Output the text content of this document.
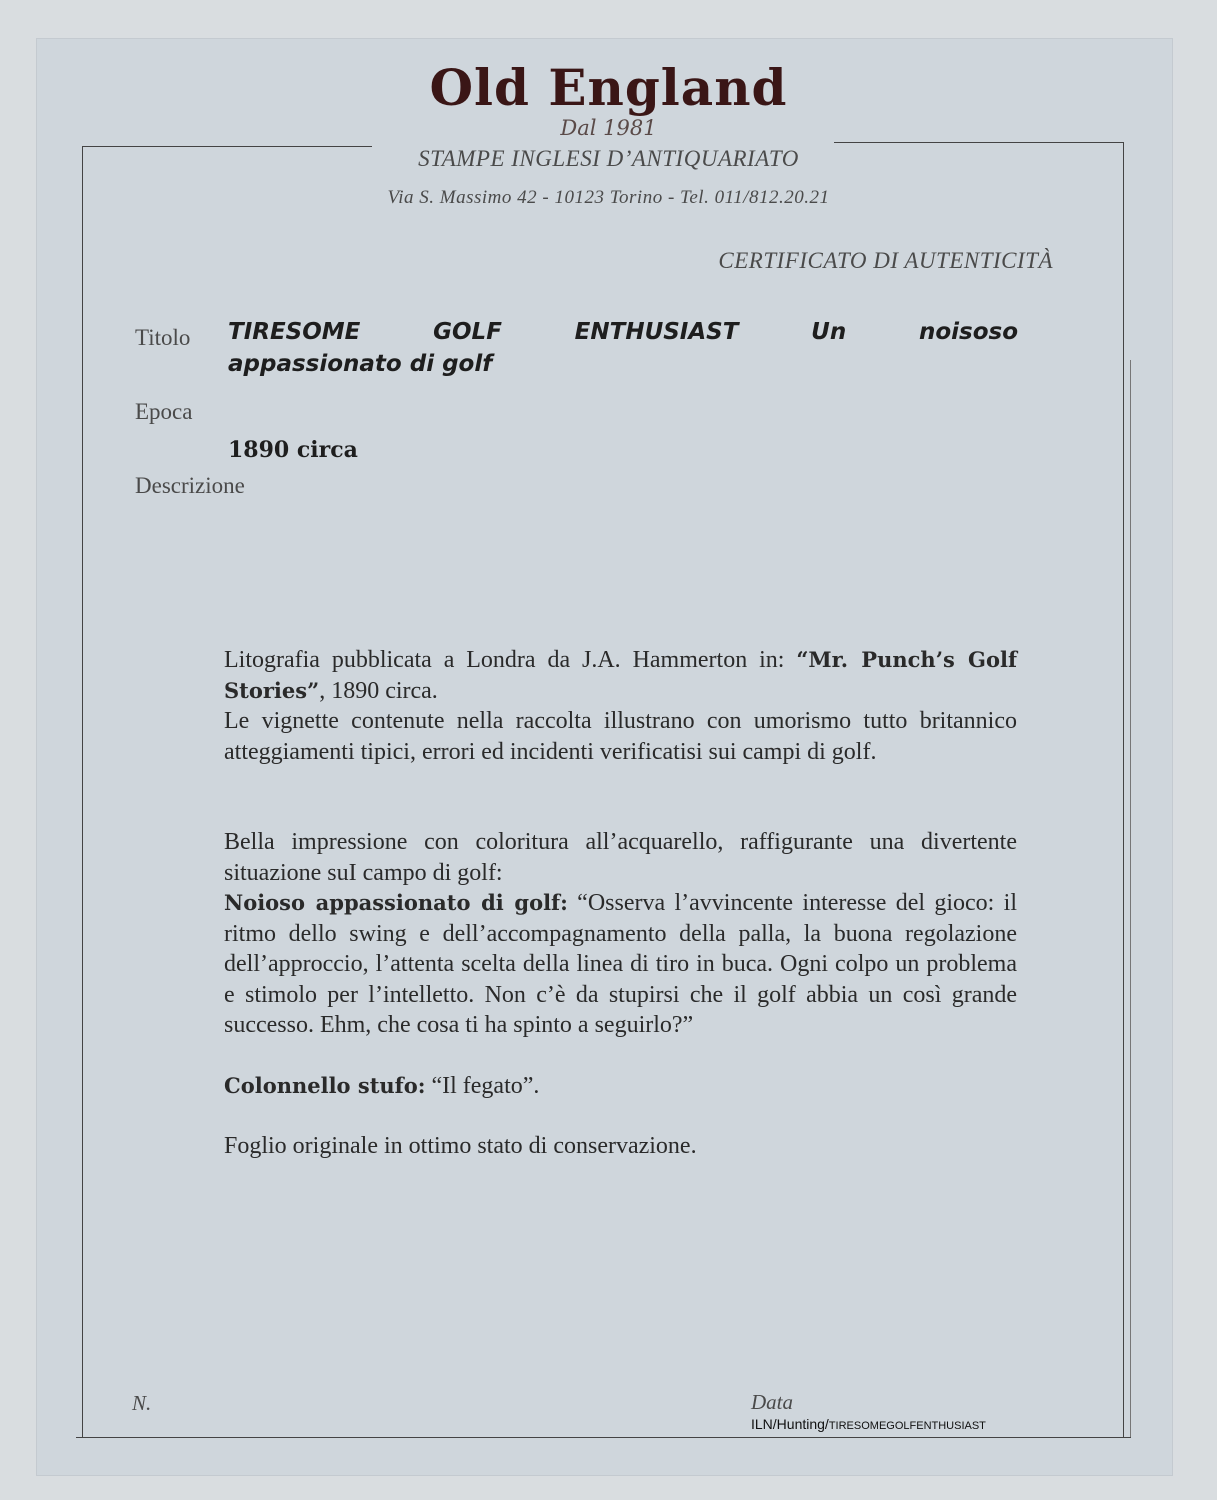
Old England
Dal 1981
STAMPE INGLESI D’ANTIQUARIATO
Via S. Massimo 42 - 10123 Torino - Tel. 011/812.20.21
CERTIFICATO DI AUTENTICITÀ
Titolo TIRESOME GOLF ENTHUSIAST Un noisoso
appassionato di golf
Epoca
1890 circa
Descrizione
Litografia pubblicata a Londra da J.A. Hammerton in: “Mr. Punch’s Golf Stories”, 1890 circa.
Le vignette contenute nella raccolta illustrano con umorismo tutto britannico atteggiamenti tipici, errori ed incidenti verificatisi sui campi di golf.
Bella impressione con coloritura all’acquarello, raffigurante una divertente situazione suI campo di golf:
Noioso appassionato di golf: “Osserva l’avvincente interesse del gioco: il ritmo dello swing e dell’accompagnamento della palla, la buona regolazione dell’approccio, l’attenta scelta della linea di tiro in buca. Ogni colpo un problema e stimolo per l’intelletto. Non c’è da stupirsi che il golf abbia un così grande successo. Ehm, che cosa ti ha spinto a seguirlo?”
Colonnello stufo: “Il fegato”.
Foglio originale in ottimo stato di conservazione.
N.	Data
ILN/Hunting/TIRESOMEGOLFENTHUSIAST
